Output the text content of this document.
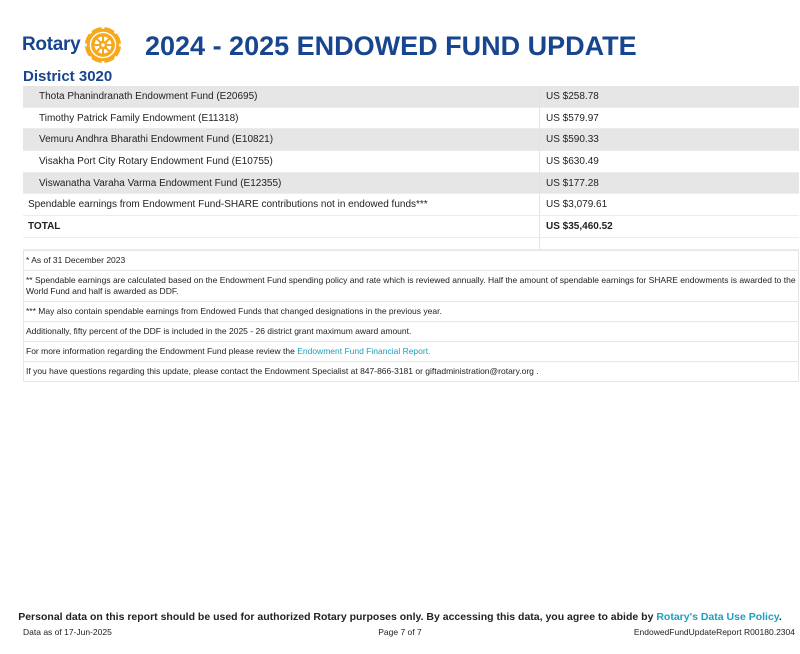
Rotary 2024 - 2025 ENDOWED FUND UPDATE
District 3020
Thota Phanindranath Endowment Fund (E20695)	US $258.78
Timothy Patrick Family Endowment (E11318)	US $579.97
Vemuru Andhra Bharathi Endowment Fund (E10821)	US $590.33
Visakha Port City Rotary Endowment Fund (E10755)	US $630.49
Viswanatha Varaha Varma Endowment Fund (E12355)	US $177.28
Spendable earnings from Endowment Fund-SHARE contributions not in endowed funds***	US $3,079.61
TOTAL	US $35,460.52
* As of 31 December 2023
** Spendable earnings are calculated based on the Endowment Fund spending policy and rate which is reviewed annually. Half the amount of spendable earnings for SHARE endowments is awarded to the World Fund and half is awarded as DDF.
*** May also contain spendable earnings from Endowed Funds that changed designations in the previous year.
Additionally, fifty percent of the DDF is included in the 2025 - 26 district grant maximum award amount.
For more information regarding the Endowment Fund please review the Endowment Fund Financial Report.
If you have questions regarding this update, please contact the Endowment Specialist at 847-866-3181 or giftadministration@rotary.org .
Personal data on this report should be used for authorized Rotary purposes only. By accessing this data, you agree to abide by Rotary's Data Use Policy.
Data as of 17-Jun-2025	Page 7 of 7	EndowedFundUpdateReport R00180.2304
